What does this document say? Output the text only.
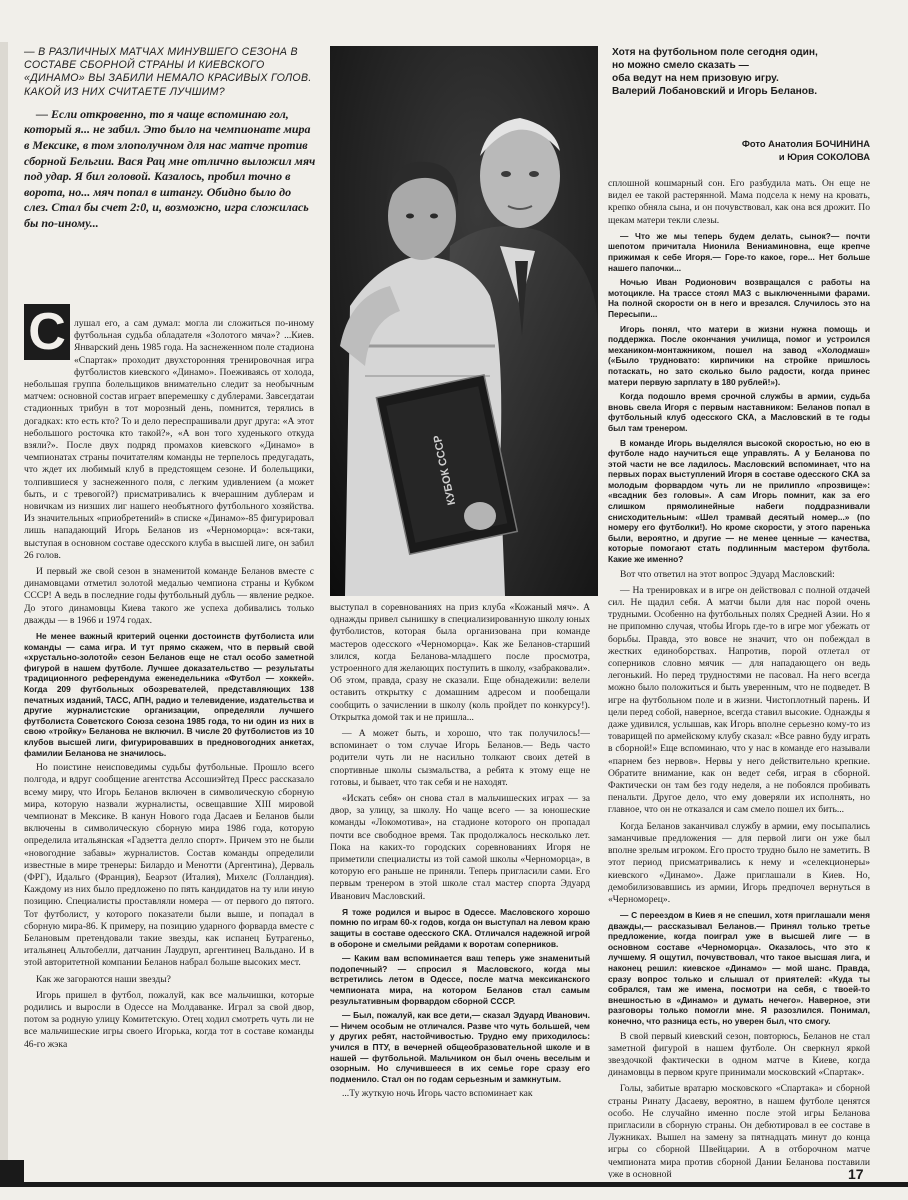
— В РАЗЛИЧНЫХ МАТЧАХ МИНУВШЕГО СЕЗОНА В СОСТАВЕ СБОРНОЙ СТРАНЫ И КИЕВСКОГО «ДИНАМО» ВЫ ЗАБИЛИ НЕМАЛО КРАСИВЫХ ГОЛОВ. КАКОЙ ИЗ НИХ СЧИТАЕТЕ ЛУЧШИМ?

— Если откровенно, то я чаще вспоминаю гол, который я... не забил. Это было на чемпионате мира в Мексике, в том злополучном для нас матче против сборной Бельгии. Вася Рац мне отлично выложил мяч под удар. Я бил головой. Казалось, пробил точно в ворота, но... мяч попал в штангу. Обидно было до слез. Стал бы счет 2:0, и, возможно, игра сложилась бы по-иному...

С лушал его, а сам думал: могла ли сложиться по-иному футбольная судьба обладателя «Золотого мяча»? ...Киев. Январский день 1985 года. На заснеженном поле стадиона «Спартак» проходит двухсторонняя тренировочная игра футболистов киевского «Динамо». Поеживаясь от холода, небольшая группа болельщиков внимательно следит за необычным матчем: основной состав играет вперемешку с дублерами. Завсегдатаи стадионных трибун в тот морозный день, помнится, терялись в догадках: кто есть кто? То и дело переспрашивали друг друга: «А этот небольшого росточка кто такой?», «А вон того худенького откуда взяли?». После двух подряд промахов киевского «Динамо» в чемпионатах страны почитателям команды не терпелось предугадать, что ждет их любимый клуб в предстоящем сезоне. И болельщики, толпившиеся у заснеженного поля, с легким удивлением (а может быть, и с тревогой?) присматривались к вчерашним дублерам и новичкам из низших лиг нашего необъятного футбольного хозяйства. Из значительных «приобретений» в списке «Динамо»-85 фигурировал лишь нападающий Игорь Беланов из «Черноморца»: вся-таки, выступая в основном составе одесского клуба в высшей лиге, он забил 26 голов.

И первый же свой сезон в знаменитой команде Беланов вместе с динамовцами отметил золотой медалью чемпиона страны и Кубком СССР! А ведь в последние годы футбольный дубль — явление редкое. До этого динамовцы Киева такого же успеха добивались только дважды — в 1966 и 1974 годах.

Не менее важный критерий оценки достоинств футболиста или команды — сама игра. И тут прямо скажем, что в первый свой «хрустально-золотой» сезон Беланов еще не стал особо заметной фигурой в нашем футболе. Лучшее доказательство — результаты традиционного референдума еженедельника «Футбол — хоккей». Когда 209 футбольных обозревателей, представляющих 138 печатных изданий, ТАСС, АПН, радио и телевидение, издательства и другие журналистские организации, определяли лучшего футболиста Советского Союза сезона 1985 года, то ни один из них в свою «тройку» Беланова не включил. В числе 20 футболистов из 10 клубов высшей лиги, фигурировавших в предновогодних анкетах, фамилии Беланова не значилось.

Но поистине неисповедимы судьбы футбольные. Прошло всего полгода, и вдруг сообщение агентства Ассошиэйтед Пресс рассказало всему миру, что Игорь Беланов включен в символическую сборную мира, которую назвали журналисты, освещавшие XIII мировой чемпионат в Мексике. В канун Нового года Дасаев и Беланов были включены в символическую сборную мира 1986 года, которую определила итальянская «Гадзетта делло спорт». Причем это не были «новогодние забавы» журналистов. Состав команды определили известные в мире тренеры: Билардо и Менотти (Аргентина), Дерваль (ФРГ), Идальго (Франция), Беарзот (Италия), Михелс (Голландия). Каждому из них было предложено по пять кандидатов на ту или иную позицию. Специалисты проставляли номера — от первого до пятого. Тот футболист, у которого показатели были выше, и попадал в сборную мира-86. К примеру, на позицию ударного форварда вместе с Белановым претендовали такие звезды, как испанец Бутрагеньо, итальянец Альтобелли, датчанин Лаудруп, аргентинец Вальдано. И в этой авторитетной компании Беланов набрал больше высоких мест.

Как же загораются наши звезды?

Игорь пришел в футбол, пожалуй, как все мальчишки, которые родились и выросли в Одессе на Молдаванке. Играл за свой двор, потом за родную улицу Комитетскую. Отец ходил смотреть чуть ли не все мальчишеские игры своего Игорька, когда тот в составе команды 46-го жэка

КУБОК СССР
Хотя на футбольном поле сегодня один,
но можно смело сказать —
оба ведут на нем призовую игру.
Валерий Лобановский и Игорь Беланов.
Фото Анатолия БОЧИНИНА
и Юрия СОКОЛОВА

выступал в соревнованиях на приз клуба «Кожаный мяч». А однажды привел сынишку в специализированную школу юных футболистов, которая была организована при команде мастеров одесского «Черноморца». Как же Беланов-старший злился, когда Беланова-младшего после просмотра, устроенного для желающих поступить в школу, «забраковали». Об этом, правда, сразу не сказали. Еще обнадежили: велели оставить открытку с домашним адресом и пообещали сообщить о зачислении в школу (коль пройдет по конкурсу!). Открытка домой так и не пришла...

— А может быть, и хорошо, что так получилось!— вспоминает о том случае Игорь Беланов.— Ведь часто родители чуть ли не насильно толкают своих детей в спортивные школы сызмальства, а ребята к этому еще не готовы, и бывает, что так себя и не находят.

«Искать себя» он снова стал в мальчишеских играх — за двор, за улицу, за школу. Но чаще всего — за юношеские команды «Локомотива», на стадионе которого он пропадал почти все свободное время. Так продолжалось несколько лет. Пока на каких-то городских соревнованиях Игоря не приметили специалисты из той самой школы «Черноморца», в которую его раньше не приняли. Теперь пригласили сами. Его первым тренером в этой школе стал мастер спорта Эдуард Иванович Масловский.

Я тоже родился и вырос в Одессе. Масловского хорошо помню по играм 60-х годов, когда он выступал на левом краю защиты в составе одесского СКА. Отличался надежной игрой в обороне и смелыми рейдами к воротам соперников.

— Каким вам вспоминается ваш теперь уже знаменитый подопечный? — спросил я Масловского, когда мы встретились летом в Одессе, после матча мексиканского чемпионата мира, на котором Беланов стал самым результативным форвардом сборной СССР.

— Был, пожалуй, как все дети,— сказал Эдуард Иванович.— Ничем особым не отличался. Разве что чуть большей, чем у других ребят, настойчивостью. Трудно ему приходилось: учился в ПТУ, в вечерней общеобразовательной школе и в нашей — футбольной. Мальчиком он был очень веселым и озорным. Но случившееся в их семье горе сразу его подменило. Стал он по годам серьезным и замкнутым.

...Ту жуткую ночь Игорь часто вспоминает как

сплошной кошмарный сон. Его разбудила мать. Он еще не видел ее такой растерянной. Мама подсела к нему на кровать, крепко обняла сына, и он почувствовал, как она вся дрожит. По щекам матери текли слезы.

— Что же мы теперь будем делать, сынок?— почти шепотом причитала Нионила Вениаминовна, еще крепче прижимая к себе Игоря.— Горе-то какое, горе... Нет больше нашего папочки...

Ночью Иван Родионович возвращался с работы на мотоцикле. На трассе стоял МАЗ с выключенными фарами. На полной скорости он в него и врезался. Случилось это на Пересыпи...

Игорь понял, что матери в жизни нужна помощь и поддержка. После окончания училища, помог и устроился механиком-монтажником, пошел на завод «Холодмаш» («Было трудновато: кирпичики на стройке пришлось потаскать, но зато сколько было радости, когда принес матери первую зарплату в 180 рублей!»).

Когда подошло время срочной службы в армии, судьба вновь свела Игоря с первым наставником: Беланов попал в футбольный клуб одесского СКА, а Масловский в те годы был там тренером.

В команде Игорь выделялся высокой скоростью, но ею в футболе надо научиться еще управлять. А у Беланова по этой части не все ладилось. Масловский вспоминает, что на первых порах выступлений Игоря в составе одесского СКА за молодым форвардом чуть ли не прилипло «прозвище»: «всадник без головы». А сам Игорь помнит, как за его слишком прямолинейные набеги поддразнивали снисходительным: «Шел трамвай десятый номер...» (по номеру его футболки!). Но кроме скорости, у этого паренька были, вероятно, и другие — не менее ценные — качества, которые помогают стать подлинным мастером футбола. Какие же именно?

Вот что ответил на этот вопрос Эдуард Масловский:

— На тренировках и в игре он действовал с полной отдачей сил. Не щадил себя. А матчи были для нас порой очень трудными. Особенно на футбольных полях Средней Азии. Но я не припомню случая, чтобы Игорь где-то в игре мог убежать от борьбы. Правда, это вовсе не значит, что он побеждал в жестких единоборствах. Напротив, порой отлетал от соперников словно мячик — для нападающего он ведь легонький. Но перед трудностями не пасовал. На него всегда можно было положиться и быть уверенным, что не подведет. В игре на футбольном поле и в жизни. Чистоплотный парень. И цели перед собой, наверное, всегда ставил высокие. Однажды я даже удивился, услышав, как Игорь вполне серьезно кому-то из товарищей по армейскому клубу сказал: «Все равно буду играть в сборной!» Еще вспоминаю, что у нас в команде его называли «парнем без нервов». Нервы у него действительно крепкие. Обратите внимание, как он ведет себя, играя в сборной. Фактически он там без году неделя, а не побоялся пробивать пенальти. Другое дело, что ему доверяли их исполнять, но главное, что он не отказался и сам смело пошел их бить...

Когда Беланов заканчивал службу в армии, ему посыпались заманчивые предложения — для первой лиги он уже был вполне зрелым игроком. Его просто трудно было не заметить. В этот период присматривались к нему и «селекционеры» киевского «Динамо». Даже приглашали в Киев. Но, демобилизовавшись из армии, Игорь предпочел вернуться в «Черноморец».

— С переездом в Киев я не спешил, хотя приглашали меня дважды,— рассказывал Беланов.— Принял только третье предложение, когда поиграл уже в высшей лиге — в основном составе «Черноморца». Оказалось, что это к лучшему. Я ощутил, почувствовал, что такое высшая лига, и наконец решил: киевское «Динамо» — мой шанс. Правда, сразу вопрос только и слышал от приятелей: «Куда ты собрался, там же имена, посмотри на себя, с твоей-то внешностью в «Динамо» и думать нечего». Наверное, эти разговоры только помогли мне. Я разозлился. Понимал, конечно, что разница есть, но уверен был, что смогу.

В свой первый киевский сезон, повторюсь, Беланов не стал заметной фигурой в нашем футболе. Он сверкнул яркой звездочкой фактически в одном матче в Киеве, когда динамовцы в первом круге принимали московский «Спартак».

Голы, забитые вратарю московского «Спартака» и сборной страны Ринату Дасаеву, вероятно, в нашем футболе ценятся особо. Не случайно именно после этой игры Беланова пригласили в сборную страны. Он дебютировал в ее составе в Лужниках. Вышел на замену за пятнадцать минут до конца игры со сборной Швейцарии. А в отборочном матче чемпионата мира против сборной Дании Беланова поставили уже в основной	17
